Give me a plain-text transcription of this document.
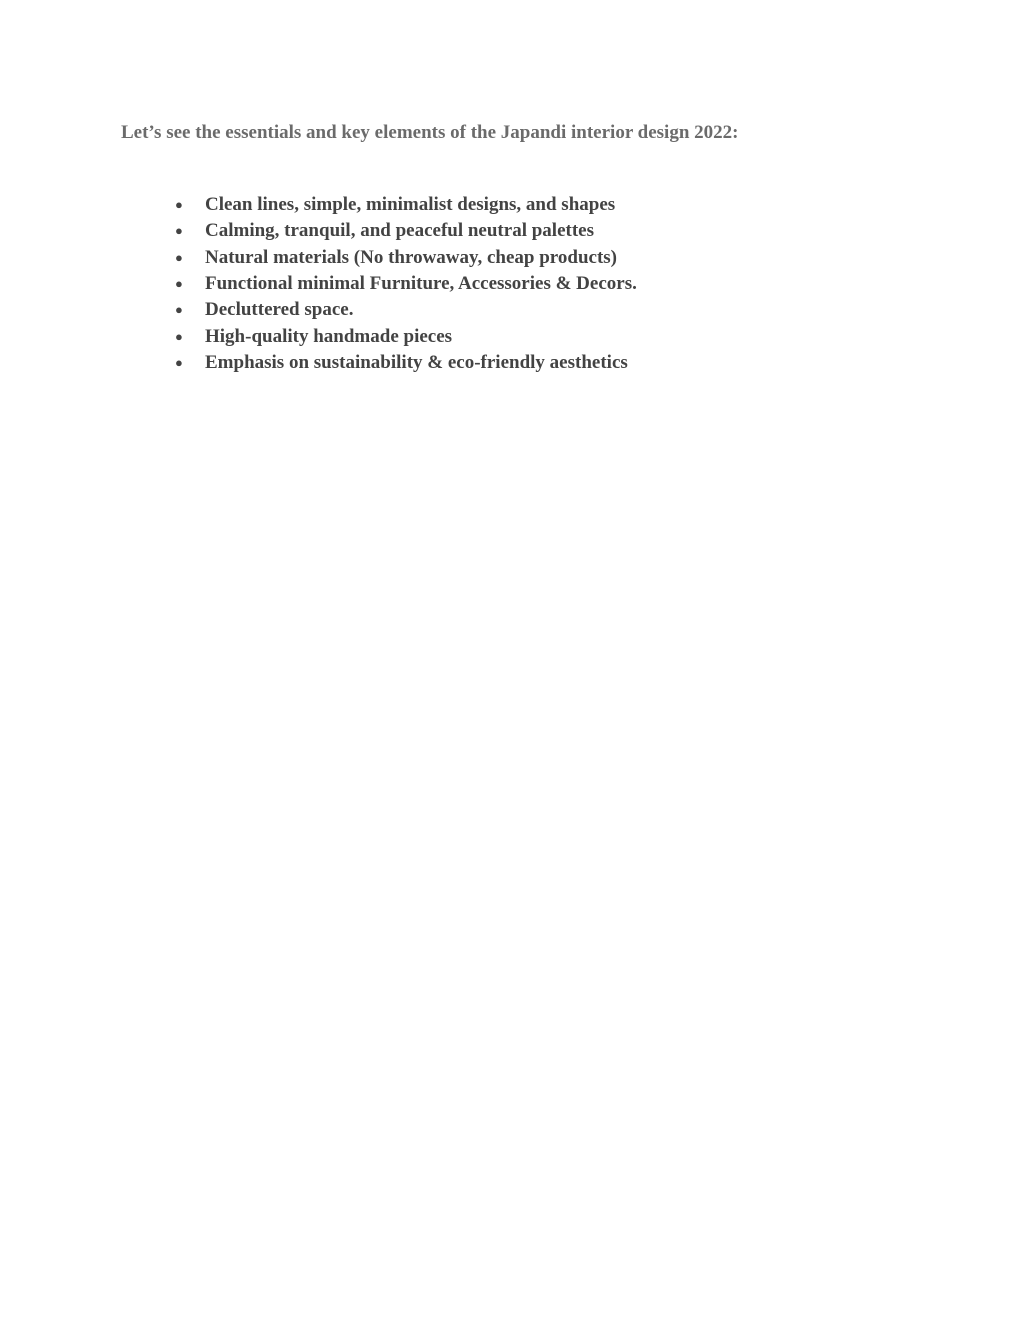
Let’s see the essentials and key elements of the Japandi interior design 2022:

●	Clean lines, simple, minimalist designs, and shapes
●	Calming, tranquil, and peaceful neutral palettes
●	Natural materials (No throwaway, cheap products)
●	Functional minimal Furniture, Accessories & Decors.
●	Decluttered space.
●	High-quality handmade pieces
●	Emphasis on sustainability & eco-friendly aesthetics
